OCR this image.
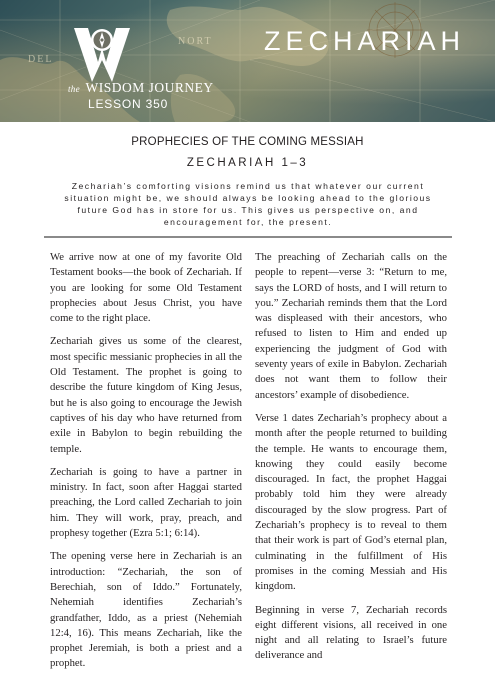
DEL
NORT
the WISDOM JOURNEY
LESSON 350
ZECHARIAH
PROPHECIES OF THE COMING MESSIAH
ZECHARIAH 1–3
Zechariah’s comforting visions remind us that whatever our current situation might be, we should always be looking ahead to the glorious future God has in store for us. This gives us perspective on, and encouragement for, the present.

We arrive now at one of my favorite Old Testament books—the book of Zechariah. If you are looking for some Old Testament prophecies about Jesus Christ, you have come to the right place.

Zechariah gives us some of the clearest, most specific messianic prophecies in all the Old Testament. The prophet is going to describe the future kingdom of King Jesus, but he is also going to encourage the Jewish captives of his day who have returned from exile in Babylon to begin rebuilding the temple.

Zechariah is going to have a partner in ministry. In fact, soon after Haggai started preaching, the Lord called Zechariah to join him. They will work, pray, preach, and prophesy together (Ezra 5:1; 6:14).

The opening verse here in Zechariah is an introduction: “Zechariah, the son of Berechiah, son of Iddo.” Fortunately, Nehemiah identifies Zechariah’s grandfather, Iddo, as a priest (Nehemiah 12:4, 16). This means Zechariah, like the prophet Jeremiah, is both a priest and a prophet.

The preaching of Zechariah calls on the people to repent—verse 3: “Return to me, says the LORD of hosts, and I will return to you.” Zechariah reminds them that the Lord was displeased with their ancestors, who refused to listen to Him and ended up experiencing the judgment of God with seventy years of exile in Babylon. Zechariah does not want them to follow their ancestors’ example of disobedience.

Verse 1 dates Zechariah’s prophecy about a month after the people returned to building the temple. He wants to encourage them, knowing they could easily become discouraged. In fact, the prophet Haggai probably told him they were already discouraged by the slow progress. Part of Zechariah’s prophecy is to reveal to them that their work is part of God’s eternal plan, culminating in the fulfillment of His promises in the coming Messiah and His kingdom.

Beginning in verse 7, Zechariah records eight different visions, all received in one night and all relating to Israel’s future deliverance and
